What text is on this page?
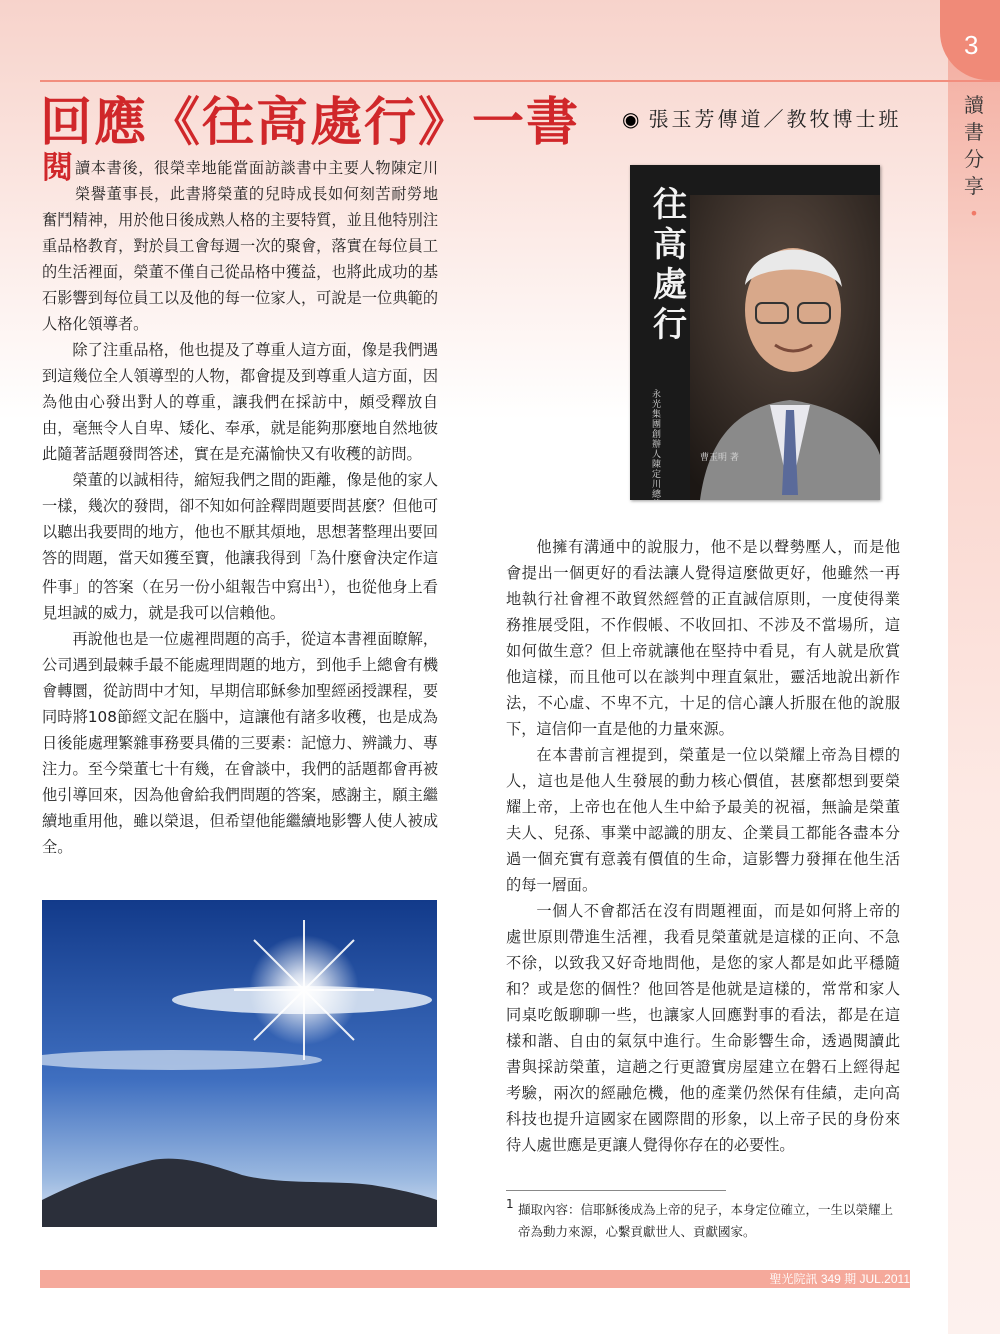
3
讀
書
分
享
•
回應《往高處行》一書 ◉ 張玉芳傳道／教牧博士班

閱讀本書後，很榮幸地能當面訪談書中主要人物陳定川榮譽董事長，此書將榮董的兒時成長如何刻苦耐勞地奮鬥精神，用於他日後成熟人格的主要特質，並且他特別注重品格教育，對於員工會每週一次的聚會，落實在每位員工的生活裡面，榮董不僅自己從品格中獲益，也將此成功的基石影響到每位員工以及他的每一位家人，可說是一位典範的人格化領導者。

除了注重品格，他也提及了尊重人這方面，像是我們遇到這幾位全人領導型的人物，都會提及到尊重人這方面，因為他由心發出對人的尊重，讓我們在採訪中，頗受釋放自由，毫無令人自卑、矮化、奉承，就是能夠那麼地自然地彼此隨著話題發問答述，實在是充滿愉快又有收穫的訪問。

榮董的以誠相待，縮短我們之間的距離，像是他的家人一樣，幾次的發問，卻不知如何詮釋問題要問甚麼？但他可以聽出我要問的地方，他也不厭其煩地，思想著整理出要回答的問題，當天如獲至寶，他讓我得到「為什麼會決定作這件事」的答案（在另一份小組報告中寫出$^1$），也從他身上看見坦誠的威力，就是我可以信賴他。

再說他也是一位處裡問題的高手，從這本書裡面瞭解，公司遇到最棘手最不能處理問題的地方，到他手上總會有機會轉圜，從訪問中才知，早期信耶穌參加聖經函授課程，要同時將108節經文記在腦中，這讓他有諸多收穫，也是成為日後能處理繁雜事務要具備的三要素：記憶力、辨識力、專注力。至今榮董七十有幾，在會談中，我們的話題都會再被他引導回來，因為他會給我們問題的答案，感謝主，願主繼續地重用他，雖以榮退，但希望他能繼續地影響人使人被成全。

往高處行
永光集團創辦人陳定川總
曹玉明 著

他擁有溝通中的說服力，他不是以聲勢壓人，而是他會提出一個更好的看法讓人覺得這麼做更好，他雖然一再地執行社會裡不敢貿然經營的正直誠信原則，一度使得業務推展受阻，不作假帳、不收回扣、不涉及不當場所，這如何做生意？但上帝就讓他在堅持中看見，有人就是欣賞他這樣，而且他可以在談判中理直氣壯，靈活地說出新作法，不心虛、不卑不亢，十足的信心讓人折服在他的說服下，這信仰一直是他的力量來源。

在本書前言裡提到，榮董是一位以榮耀上帝為目標的人，這也是他人生發展的動力核心價值，甚麼都想到要榮耀上帝，上帝也在他人生中給予最美的祝福，無論是榮董夫人、兒孫、事業中認識的朋友、企業員工都能各盡本分過一個充實有意義有價值的生命，這影響力發揮在他生活的每一層面。

一個人不會都活在沒有問題裡面，而是如何將上帝的處世原則帶進生活裡，我看見榮董就是這樣的正向、不急不徐，以致我又好奇地問他，是您的家人都是如此平穩隨和？或是您的個性？他回答是他就是這樣的，常常和家人同桌吃飯聊聊一些，也讓家人回應對事的看法，都是在這樣和諧、自由的氣氛中進行。生命影響生命，透過閱讀此書與採訪榮董，這趟之行更證實房屋建立在磐石上經得起考驗，兩次的經融危機，他的產業仍然保有佳績，走向高科技也提升這國家在國際間的形象，以上帝子民的身份來待人處世應是更讓人覺得你存在的必要性。

1 擷取內容：信耶穌後成為上帝的兒子，本身定位確立，一生以榮耀上帝為動力來源，心繫貢獻世人、貢獻國家。
聖光院訊 349 期 JUL.2011
